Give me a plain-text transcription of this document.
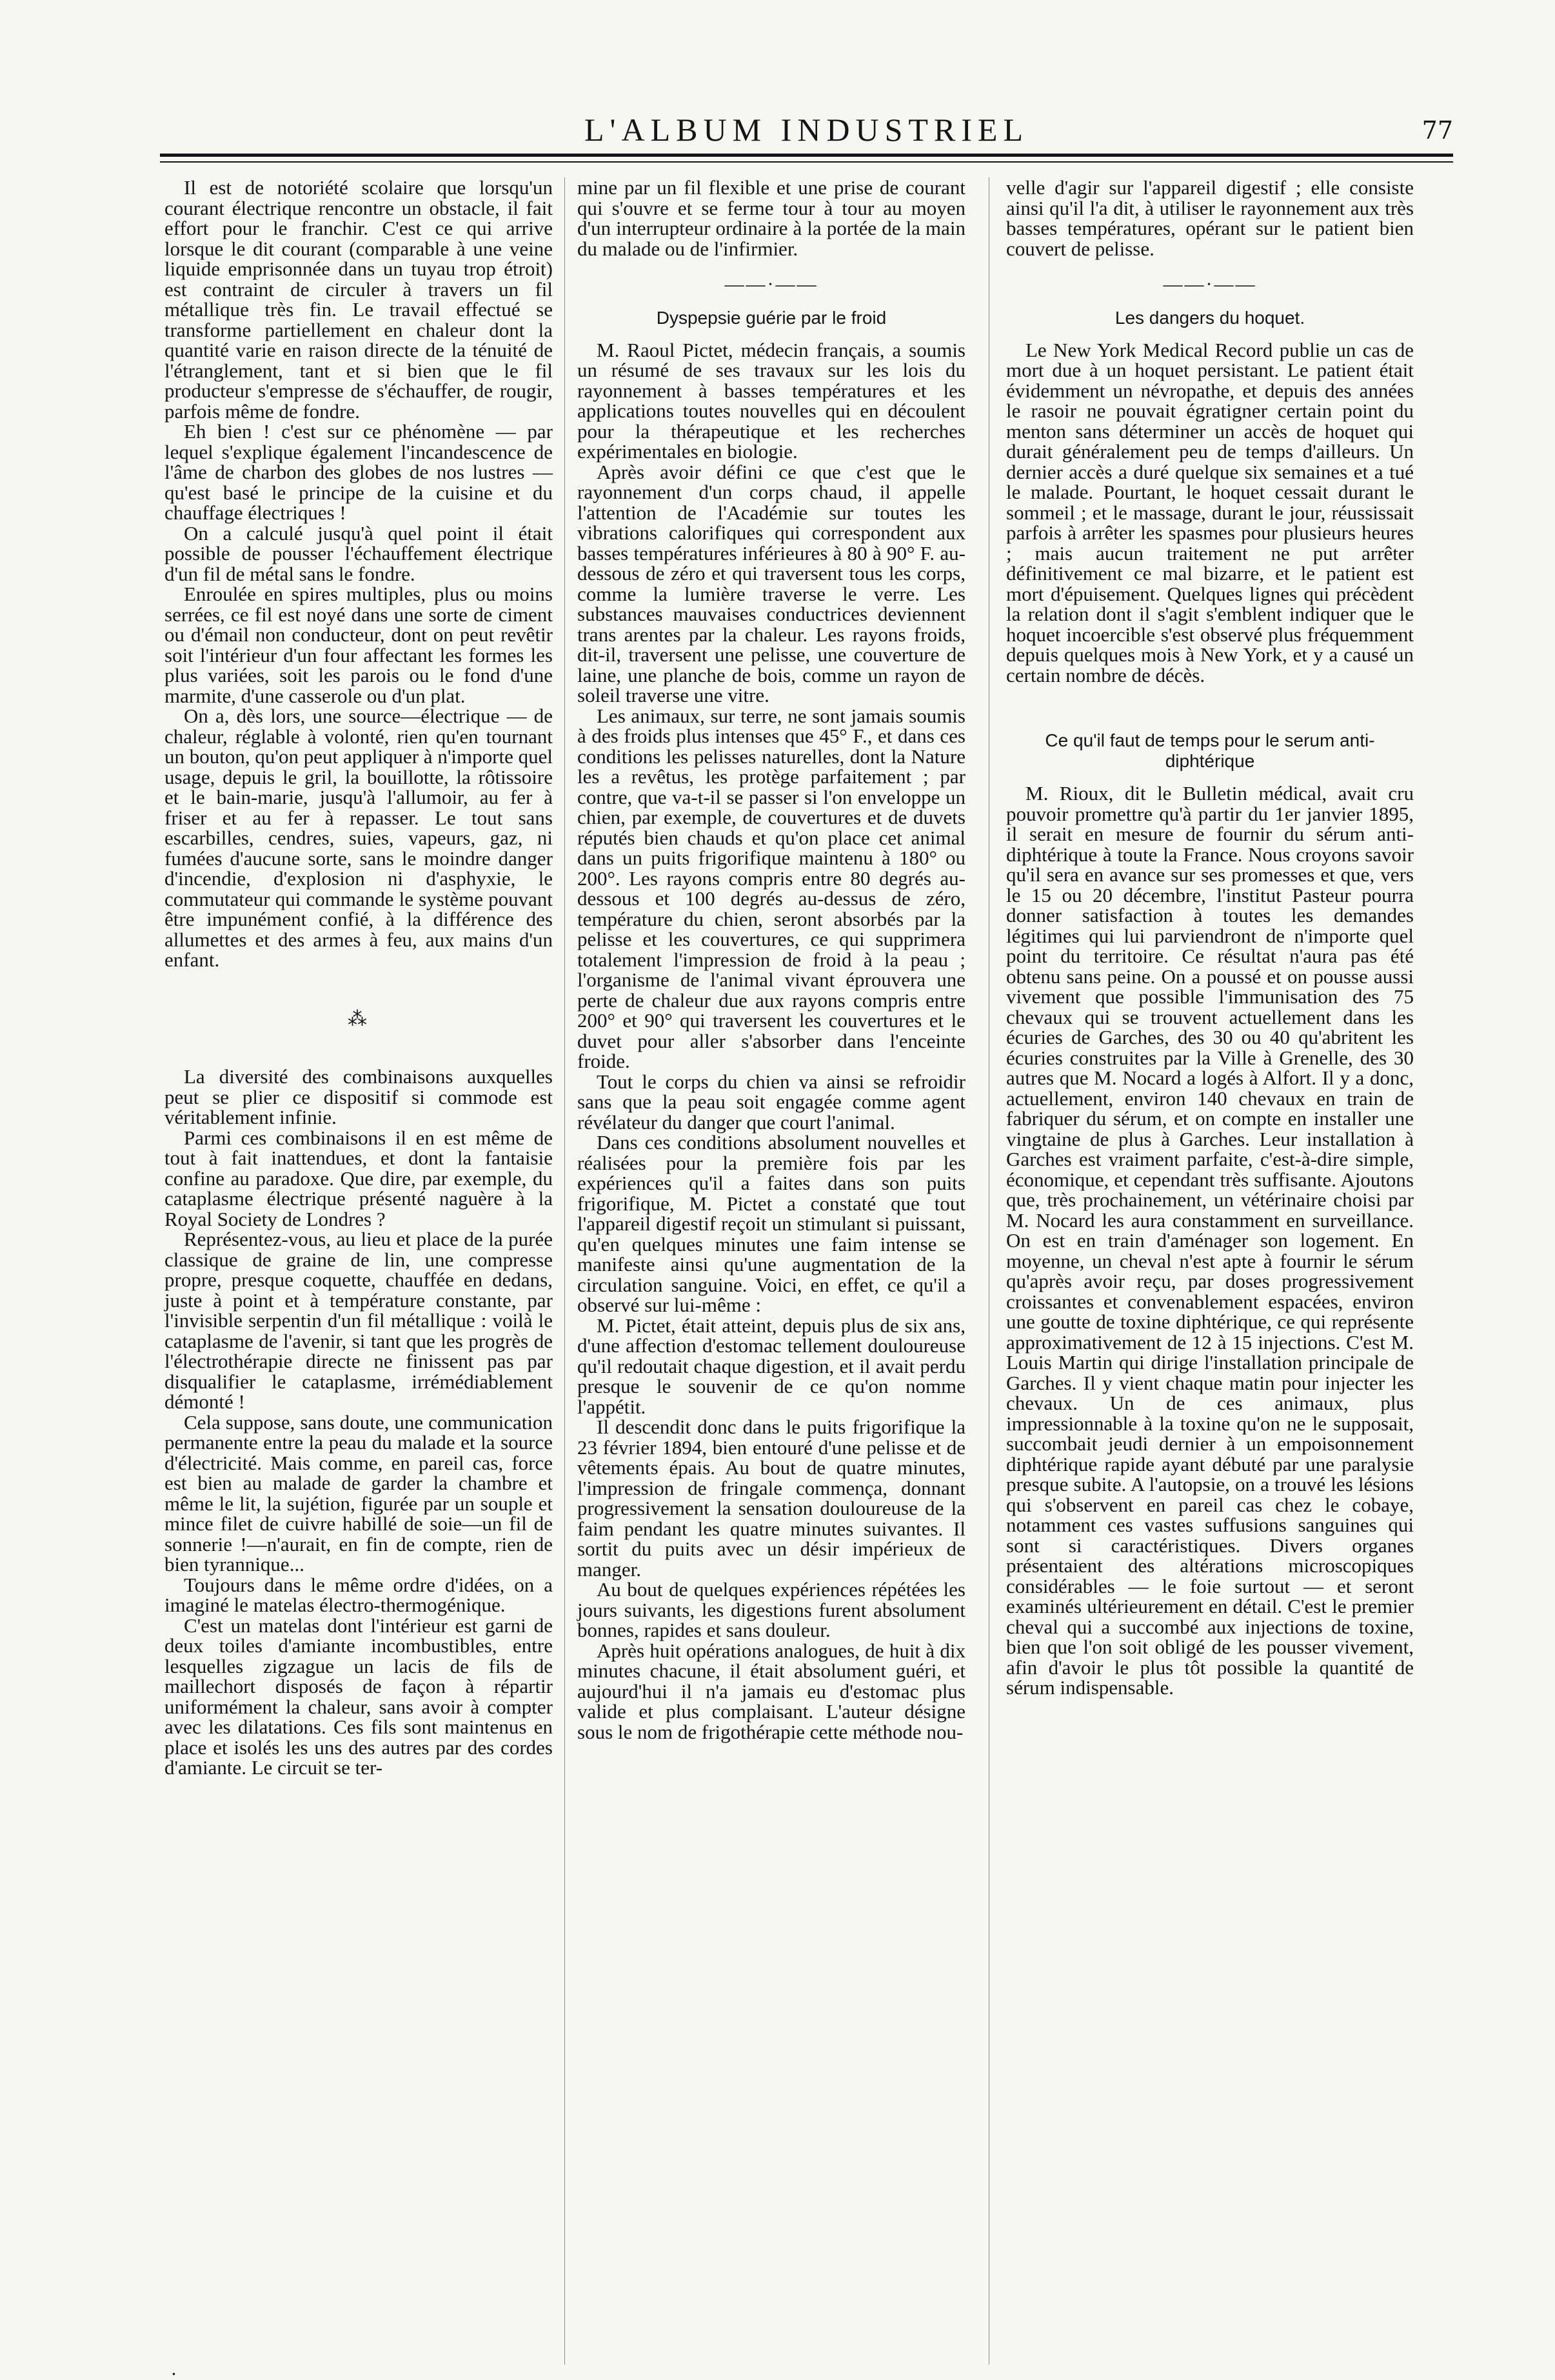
L'ALBUM INDUSTRIEL	77

Il est de notoriété scolaire que lorsqu'un courant électrique rencontre un obstacle, il fait effort pour le franchir. C'est ce qui arrive lorsque le dit courant (comparable à une veine liquide emprisonnée dans un tuyau trop étroit) est contraint de circuler à travers un fil métallique très fin. Le travail effectué se transforme partiellement en chaleur dont la quantité varie en raison directe de la ténuité de l'étranglement, tant et si bien que le fil producteur s'empresse de s'échauffer, de rougir, parfois même de fondre.

Eh bien ! c'est sur ce phénomène — par lequel s'explique également l'incandescence de l'âme de charbon des globes de nos lustres — qu'est basé le principe de la cuisine et du chauffage électriques !

On a calculé jusqu'à quel point il était possible de pousser l'échauffement électrique d'un fil de métal sans le fondre.

Enroulée en spires multiples, plus ou moins serrées, ce fil est noyé dans une sorte de ciment ou d'émail non conducteur, dont on peut revêtir soit l'intérieur d'un four affectant les formes les plus variées, soit les parois ou le fond d'une marmite, d'une casserole ou d'un plat.

On a, dès lors, une source—électrique — de chaleur, réglable à volonté, rien qu'en tournant un bouton, qu'on peut appliquer à n'importe quel usage, depuis le gril, la bouillotte, la rôtissoire et le bain-marie, jusqu'à l'allumoir, au fer à friser et au fer à repasser. Le tout sans escarbilles, cendres, suies, vapeurs, gaz, ni fumées d'aucune sorte, sans le moindre danger d'incendie, d'explosion ni d'asphyxie, le commutateur qui commande le système pouvant être impunément confié, à la différence des allumettes et des armes à feu, aux mains d'un enfant.

⁂

La diversité des combinaisons auxquelles peut se plier ce dispositif si commode est véritablement infinie.

Parmi ces combinaisons il en est même de tout à fait inattendues, et dont la fantaisie confine au paradoxe. Que dire, par exemple, du cataplasme électrique présenté naguère à la Royal Society de Londres ?

Représentez-vous, au lieu et place de la purée classique de graine de lin, une compresse propre, presque coquette, chauffée en dedans, juste à point et à température constante, par l'invisible serpentin d'un fil métallique : voilà le cataplasme de l'avenir, si tant que les progrès de l'électrothérapie directe ne finissent pas par disqualifier le cataplasme, irrémédiablement démonté !

Cela suppose, sans doute, une communication permanente entre la peau du malade et la source d'électricité. Mais comme, en pareil cas, force est bien au malade de garder la chambre et même le lit, la sujétion, figurée par un souple et mince filet de cuivre habillé de soie—un fil de sonnerie !—n'aurait, en fin de compte, rien de bien tyrannique...

Toujours dans le même ordre d'idées, on a imaginé le matelas électro-thermogénique.

C'est un matelas dont l'intérieur est garni de deux toiles d'amiante incombustibles, entre lesquelles zigzague un lacis de fils de maillechort disposés de façon à répartir uniformément la chaleur, sans avoir à compter avec les dilatations. Ces fils sont maintenus en place et isolés les uns des autres par des cordes d'amiante. Le circuit se ter-

mine par un fil flexible et une prise de courant qui s'ouvre et se ferme tour à tour au moyen d'un interrupteur ordinaire à la portée de la main du malade ou de l'infirmier.

——·——
Dyspepsie guérie par le froid

M. Raoul Pictet, médecin français, a soumis un résumé de ses travaux sur les lois du rayonnement à basses températures et les applications toutes nouvelles qui en découlent pour la thérapeutique et les recherches expérimentales en biologie.

Après avoir défini ce que c'est que le rayonnement d'un corps chaud, il appelle l'attention de l'Académie sur toutes les vibrations calorifiques qui correspondent aux basses températures inférieures à 80 à 90° F. au-dessous de zéro et qui traversent tous les corps, comme la lumière traverse le verre. Les substances mauvaises conductrices deviennent trans arentes par la chaleur. Les rayons froids, dit-il, traversent une pelisse, une couverture de laine, une planche de bois, comme un rayon de soleil traverse une vitre.

Les animaux, sur terre, ne sont jamais soumis à des froids plus intenses que 45° F., et dans ces conditions les pelisses naturelles, dont la Nature les a revêtus, les protège parfaitement ; par contre, que va-t-il se passer si l'on enveloppe un chien, par exemple, de couvertures et de duvets réputés bien chauds et qu'on place cet animal dans un puits frigorifique maintenu à 180° ou 200°. Les rayons compris entre 80 degrés au-dessous et 100 degrés au-dessus de zéro, température du chien, seront absorbés par la pelisse et les couvertures, ce qui supprimera totalement l'impression de froid à la peau ; l'organisme de l'animal vivant éprouvera une perte de chaleur due aux rayons compris entre 200° et 90° qui traversent les couvertures et le duvet pour aller s'absorber dans l'enceinte froide.

Tout le corps du chien va ainsi se refroidir sans que la peau soit engagée comme agent révélateur du danger que court l'animal.

Dans ces conditions absolument nouvelles et réalisées pour la première fois par les expériences qu'il a faites dans son puits frigorifique, M. Pictet a constaté que tout l'appareil digestif reçoit un stimulant si puissant, qu'en quelques minutes une faim intense se manifeste ainsi qu'une augmentation de la circulation sanguine. Voici, en effet, ce qu'il a observé sur lui-même :

M. Pictet, était atteint, depuis plus de six ans, d'une affection d'estomac tellement douloureuse qu'il redoutait chaque digestion, et il avait perdu presque le souvenir de ce qu'on nomme l'appétit.

Il descendit donc dans le puits frigorifique la 23 février 1894, bien entouré d'une pelisse et de vêtements épais. Au bout de quatre minutes, l'impression de fringale commença, donnant progressivement la sensation douloureuse de la faim pendant les quatre minutes suivantes. Il sortit du puits avec un désir impérieux de manger.

Au bout de quelques expériences répétées les jours suivants, les digestions furent absolument bonnes, rapides et sans douleur.

Après huit opérations analogues, de huit à dix minutes chacune, il était absolument guéri, et aujourd'hui il n'a jamais eu d'estomac plus valide et plus complaisant. L'auteur désigne sous le nom de frigothérapie cette méthode nou-

velle d'agir sur l'appareil digestif ; elle consiste ainsi qu'il l'a dit, à utiliser le rayonnement aux très basses températures, opérant sur le patient bien couvert de pelisse.

——·——
Les dangers du hoquet.

Le New York Medical Record publie un cas de mort due à un hoquet persistant. Le patient était évidemment un névropathe, et depuis des années le rasoir ne pouvait égratigner certain point du menton sans déterminer un accès de hoquet qui durait généralement peu de temps d'ailleurs. Un dernier accès a duré quelque six semaines et a tué le malade. Pourtant, le hoquet cessait durant le sommeil ; et le massage, durant le jour, réussissait parfois à arrêter les spasmes pour plusieurs heures ; mais aucun traitement ne put arrêter définitivement ce mal bizarre, et le patient est mort d'épuisement. Quelques lignes qui précèdent la relation dont il s'agit s'emblent indiquer que le hoquet incoercible s'est observé plus fréquemment depuis quelques mois à New York, et y a causé un certain nombre de décès.

Ce qu'il faut de temps pour le serum anti-diphtérique

M. Rioux, dit le Bulletin médical, avait cru pouvoir promettre qu'à partir du 1er janvier 1895, il serait en mesure de fournir du sérum anti-diphtérique à toute la France. Nous croyons savoir qu'il sera en avance sur ses promesses et que, vers le 15 ou 20 décembre, l'institut Pasteur pourra donner satisfaction à toutes les demandes légitimes qui lui parviendront de n'importe quel point du territoire. Ce résultat n'aura pas été obtenu sans peine. On a poussé et on pousse aussi vivement que possible l'immunisation des 75 chevaux qui se trouvent actuellement dans les écuries de Garches, des 30 ou 40 qu'abritent les écuries construites par la Ville à Grenelle, des 30 autres que M. Nocard a logés à Alfort. Il y a donc, actuellement, environ 140 chevaux en train de fabriquer du sérum, et on compte en installer une vingtaine de plus à Garches. Leur installation à Garches est vraiment parfaite, c'est-à-dire simple, économique, et cependant très suffisante. Ajoutons que, très prochainement, un vétérinaire choisi par M. Nocard les aura constamment en surveillance. On est en train d'aménager son logement. En moyenne, un cheval n'est apte à fournir le sérum qu'après avoir reçu, par doses progressivement croissantes et convenablement espacées, environ une goutte de toxine diphtérique, ce qui représente approximativement de 12 à 15 injections. C'est M. Louis Martin qui dirige l'installation principale de Garches. Il y vient chaque matin pour injecter les chevaux. Un de ces animaux, plus impressionnable à la toxine qu'on ne le supposait, succombait jeudi dernier à un empoisonnement diphtérique rapide ayant débuté par une paralysie presque subite. A l'autopsie, on a trouvé les lésions qui s'observent en pareil cas chez le cobaye, notamment ces vastes suffusions sanguines qui sont si caractéristiques. Divers organes présentaient des altérations microscopiques considérables — le foie surtout — et seront examinés ultérieurement en détail. C'est le premier cheval qui a succombé aux injections de toxine, bien que l'on soit obligé de les pousser vivement, afin d'avoir le plus tôt possible la quantité de sérum indispensable.

.
